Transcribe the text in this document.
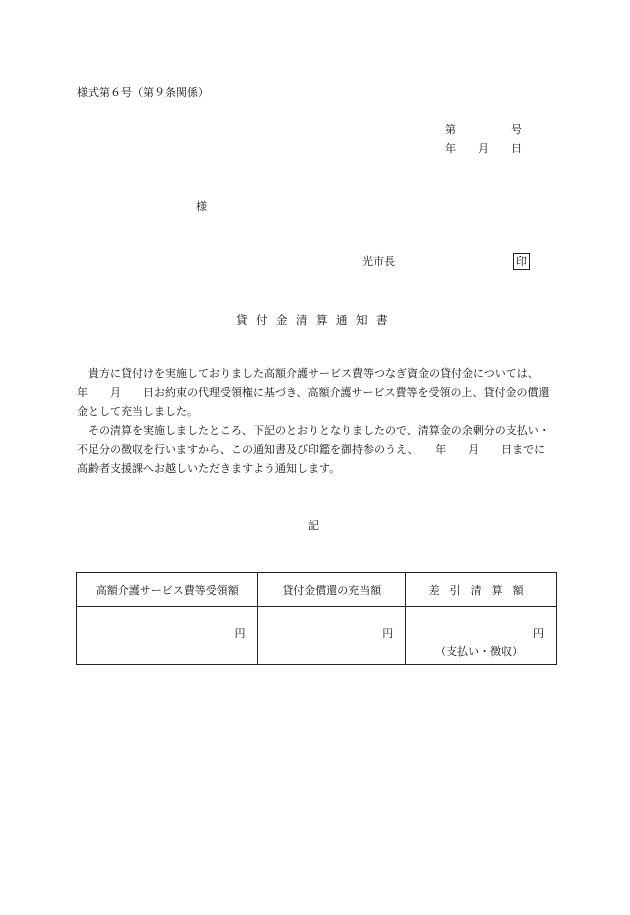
様式第６号（第９条関係）
第　　　　　号
年　　月　　日
様
光市長	印
貸付金清算通知書

　貴方に貸付けを実施しておりました高額介護サービス費等つなぎ資金の貸付金については、　　年　　月　　日お約束の代理受領権に基づき、高額介護サービス費等を受領の上、貸付金の償還金として充当しました。

　その清算を実施しましたところ、下記のとおりとなりましたので、清算金の余剰分の支払い・不足分の徴収を行いますから、この通知書及び印鑑を御持参のうえ、　　年　　月　　日までに高齢者支援課へお越しいただきますよう通知します。

記
高額介護サービス費等受領額	貸付金償還の充当額	差引清算額
円	円	円
（支払い・徴収）
